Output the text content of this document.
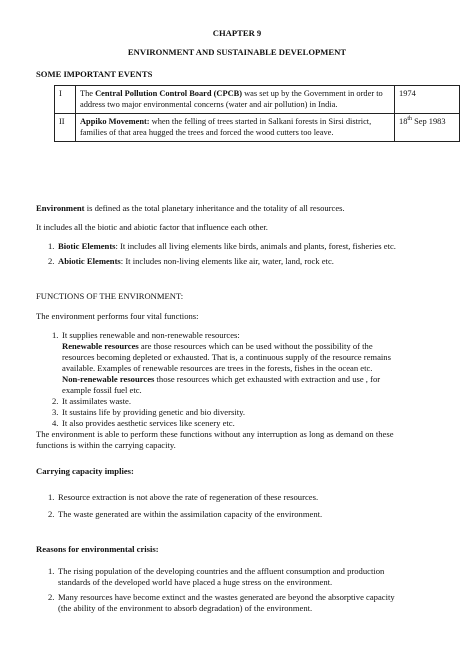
CHAPTER 9
ENVIRONMENT AND SUSTAINABLE DEVELOPMENT
SOME IMPORTANT EVENTS
I	The Central Pollution Control Board (CPCB) was set up by the Government in order to address two major environmental concerns (water and air pollution) in India.	1974
II	Appiko Movement: when the felling of trees started in Salkani forests in Sirsi district, families of that area hugged the trees and forced the wood cutters too leave.	18th Sep 1983
Environment is defined as the total planetary inheritance and the totality of all resources.
It includes all the biotic and abiotic factor that influence each other.
1. Biotic Elements: It includes all living elements like birds, animals and plants, forest, fisheries etc.
2. Abiotic Elements: It includes non-living elements like air, water, land, rock etc.
FUNCTIONS OF THE ENVIRONMENT:
The environment performs four vital functions:
1. It supplies renewable and non-renewable resources:
Renewable resources are those resources which can be used without the possibility of the
resources becoming depleted or exhausted. That is, a continuous supply of the resource remains
available. Examples of renewable resources are trees in the forests, fishes in the ocean etc.
Non-renewable resources those resources which get exhausted with extraction and use , for
example fossil fuel etc.
2. It assimilates waste.
3. It sustains life by providing genetic and bio diversity.
4. It also provides aesthetic services like scenery etc.
The environment is able to perform these functions without any interruption as long as demand on these
functions is within the carrying capacity.
Carrying capacity implies:
1. Resource extraction is not above the rate of regeneration of these resources.
2. The waste generated are within the assimilation capacity of the environment.
Reasons for environmental crisis:
1. The rising population of the developing countries and the affluent consumption and production
standards of the developed world have placed a huge stress on the environment.
2. Many resources have become extinct and the wastes generated are beyond the absorptive capacity
(the ability of the environment to absorb degradation) of the environment.
